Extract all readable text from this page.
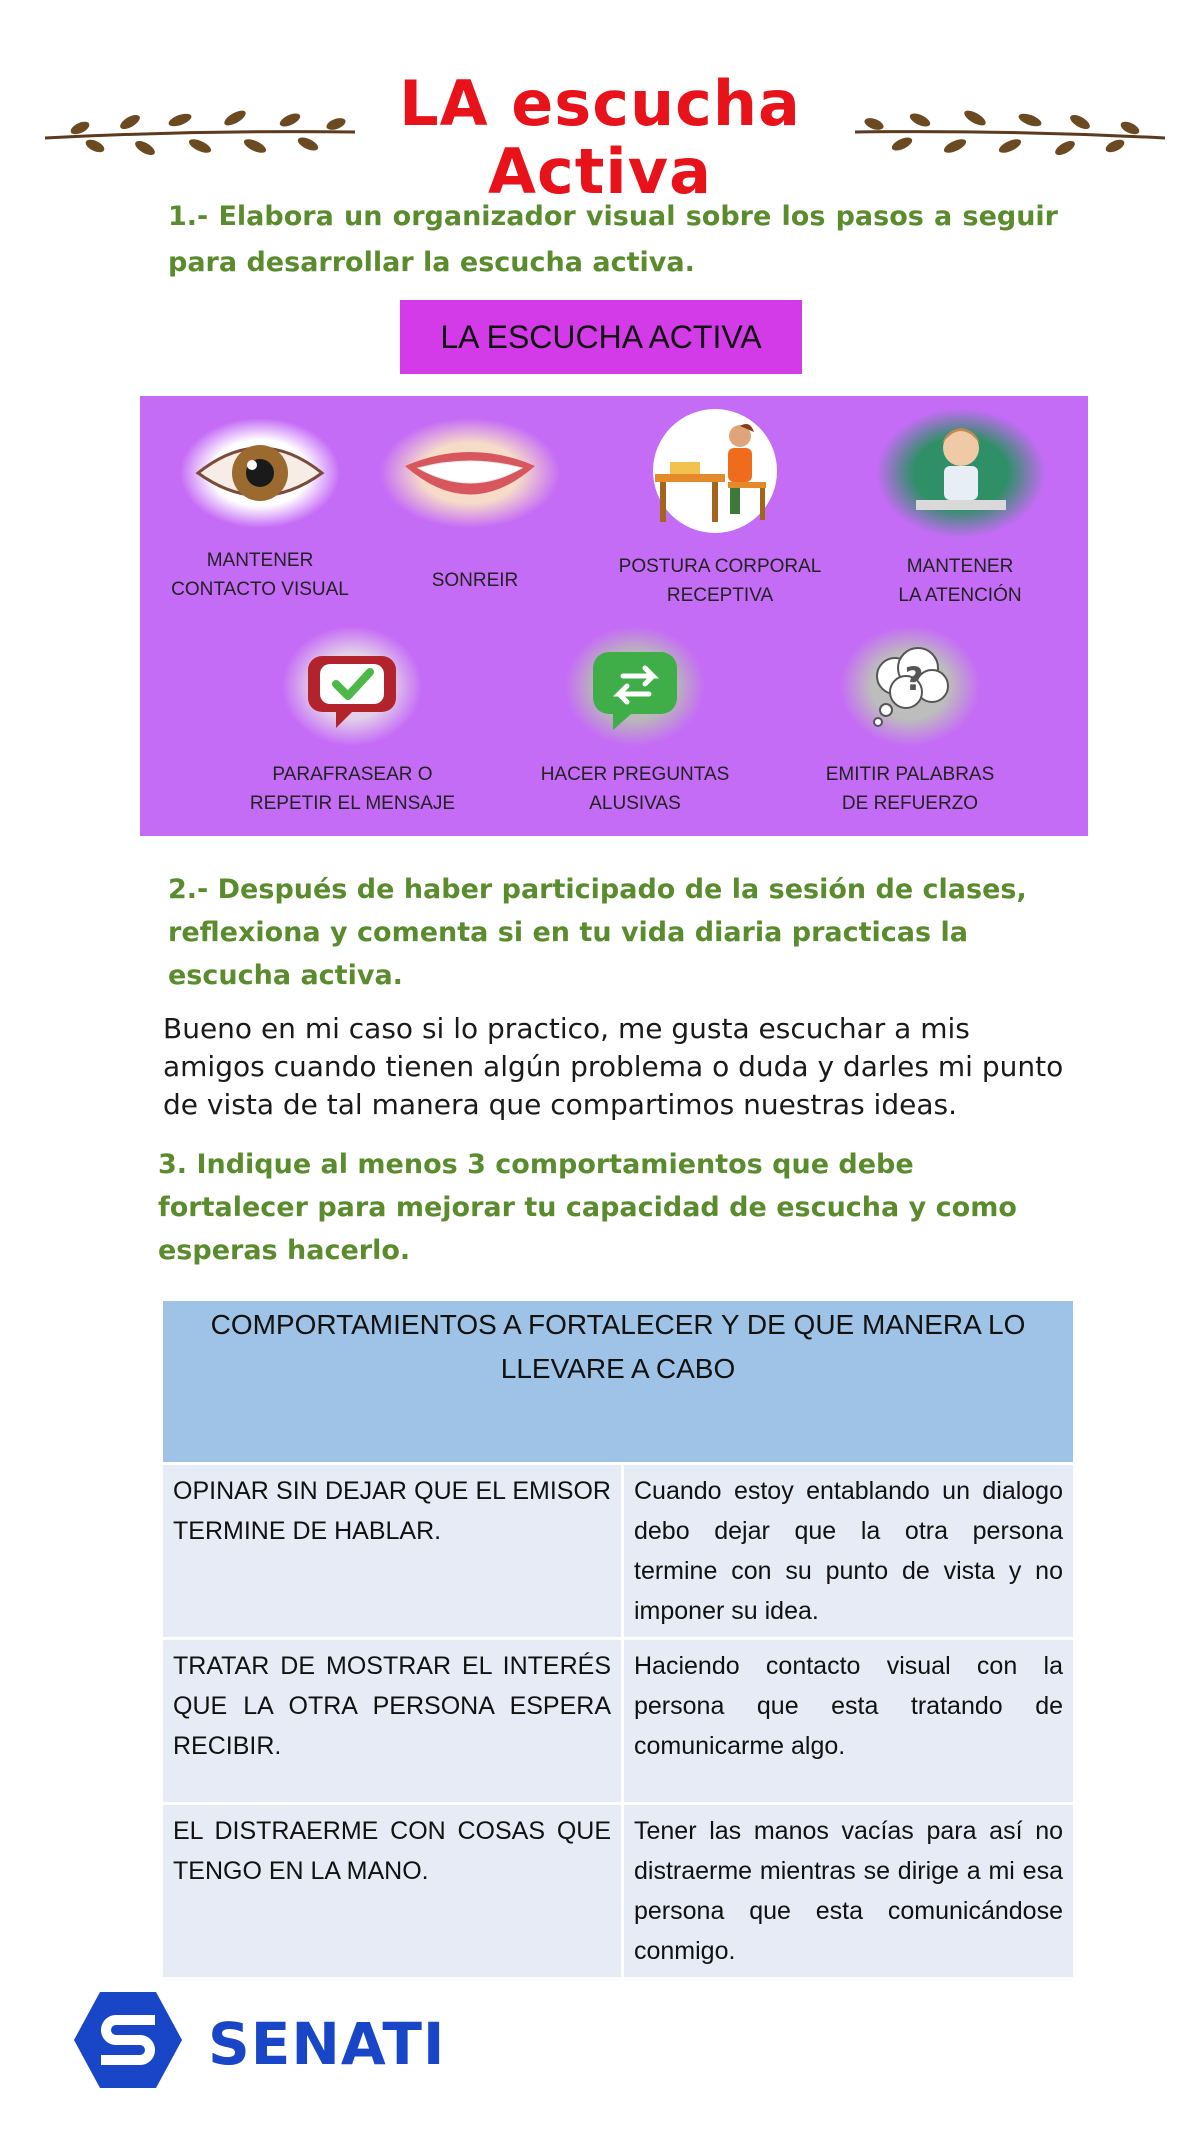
LA escucha Activa
1.- Elabora un organizador visual sobre los pasos a seguir para desarrollar la escucha activa.
LA ESCUCHA ACTIVA
MANTENER
CONTACTO VISUAL	SONREIR
POSTURA CORPORAL
RECEPTIVA
MANTENER
LA ATENCIÓN
PARAFRASEAR O
REPETIR EL MENSAJE
HACER PREGUNTAS
ALUSIVAS
?
EMITIR PALABRAS
DE REFUERZO
2.- Después de haber participado de la sesión de clases, reflexiona y comenta si en tu vida diaria practicas la escucha activa.
Bueno en mi caso si lo practico, me gusta escuchar a mis amigos cuando tienen algún problema o duda y darles mi punto de vista de tal manera que compartimos nuestras ideas.
3. Indique al menos 3 comportamientos que debe fortalecer para mejorar tu capacidad de escucha y como esperas hacerlo.
COMPORTAMIENTOS A FORTALECER Y DE QUE MANERA LO LLEVARE A CABO	
OPINAR SIN DEJAR QUE EL EMISOR TERMINE DE HABLAR.	Cuando estoy entablando un dialogo debo dejar que la otra persona termine con su punto de vista y no imponer su idea.
TRATAR DE MOSTRAR EL INTERÉS QUE LA OTRA PERSONA ESPERA RECIBIR.	Haciendo contacto visual con la persona que esta tratando de comunicarme algo.
EL DISTRAERME CON COSAS QUE TENGO EN LA MANO.	Tener las manos vacías para así no distraerme mientras se dirige a mi esa persona que esta comunicándose conmigo.
SENATI
